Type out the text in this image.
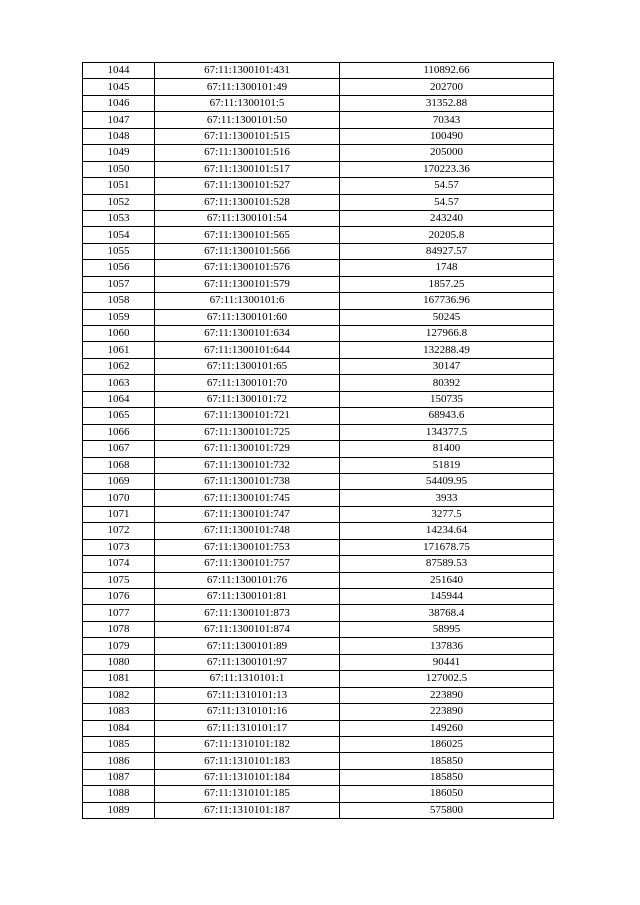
1044	67:11:1300101:431	110892.66
1045	67:11:1300101:49	202700
1046	67:11:1300101:5	31352.88
1047	67:11:1300101:50	70343
1048	67:11:1300101:515	100490
1049	67:11:1300101:516	205000
1050	67:11:1300101:517	170223.36
1051	67:11:1300101:527	54.57
1052	67:11:1300101:528	54.57
1053	67:11:1300101:54	243240
1054	67:11:1300101:565	20205.8
1055	67:11:1300101:566	84927.57
1056	67:11:1300101:576	1748
1057	67:11:1300101:579	1857.25
1058	67:11:1300101:6	167736.96
1059	67:11:1300101:60	50245
1060	67:11:1300101:634	127966.8
1061	67:11:1300101:644	132288.49
1062	67:11:1300101:65	30147
1063	67:11:1300101:70	80392
1064	67:11:1300101:72	150735
1065	67:11:1300101:721	68943.6
1066	67:11:1300101:725	134377.5
1067	67:11:1300101:729	81400
1068	67:11:1300101:732	51819
1069	67:11:1300101:738	54409.95
1070	67:11:1300101:745	3933
1071	67:11:1300101:747	3277.5
1072	67:11:1300101:748	14234.64
1073	67:11:1300101:753	171678.75
1074	67:11:1300101:757	87589.53
1075	67:11:1300101:76	251640
1076	67:11:1300101:81	145944
1077	67:11:1300101:873	38768.4
1078	67:11:1300101:874	58995
1079	67:11:1300101:89	137836
1080	67:11:1300101:97	90441
1081	67:11:1310101:1	127002.5
1082	67:11:1310101:13	223890
1083	67:11:1310101:16	223890
1084	67:11:1310101:17	149260
1085	67:11:1310101:182	186025
1086	67:11:1310101:183	185850
1087	67:11:1310101:184	185850
1088	67:11:1310101:185	186050
1089	67:11:1310101:187	575800
